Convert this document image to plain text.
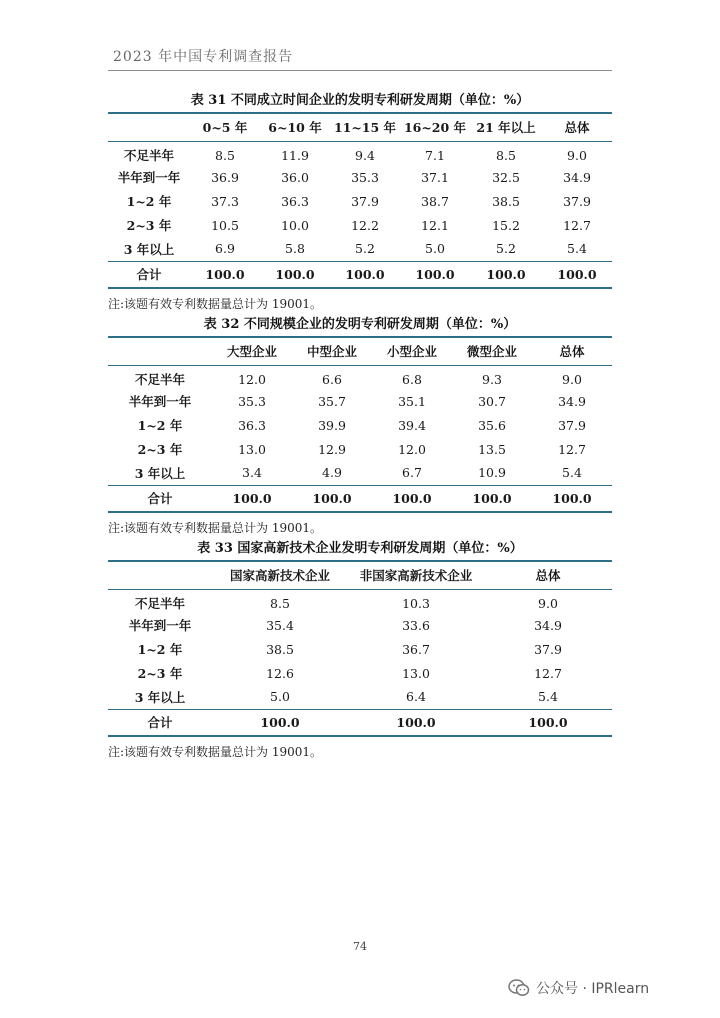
2023 年中国专利调查报告
表 31 不同成立时间企业的发明专利研发周期（单位：%）
	0~5 年	6~10 年	11~15 年	16~20 年	21 年以上	总体
不足半年	8.5	11.9	9.4	7.1	8.5	9.0
半年到一年	36.9	36.0	35.3	37.1	32.5	34.9
1~2 年	37.3	36.3	37.9	38.7	38.5	37.9
2~3 年	10.5	10.0	12.2	12.1	15.2	12.7
3 年以上	6.9	5.8	5.2	5.0	5.2	5.4
合计	100.0	100.0	100.0	100.0	100.0	100.0
注:该题有效专利数据量总计为 19001。
表 32 不同规模企业的发明专利研发周期（单位：%）
	大型企业	中型企业	小型企业	微型企业	总体
不足半年	12.0	6.6	6.8	9.3	9.0
半年到一年	35.3	35.7	35.1	30.7	34.9
1~2 年	36.3	39.9	39.4	35.6	37.9
2~3 年	13.0	12.9	12.0	13.5	12.7
3 年以上	3.4	4.9	6.7	10.9	5.4
合计	100.0	100.0	100.0	100.0	100.0
注:该题有效专利数据量总计为 19001。
表 33 国家高新技术企业发明专利研发周期（单位：%）
	国家高新技术企业	非国家高新技术企业	总体
不足半年	8.5	10.3	9.0
半年到一年	35.4	33.6	34.9
1~2 年	38.5	36.7	37.9
2~3 年	12.6	13.0	12.7
3 年以上	5.0	6.4	5.4
合计	100.0	100.0	100.0
注:该题有效专利数据量总计为 19001。
74
公众号 · IPRlearn
